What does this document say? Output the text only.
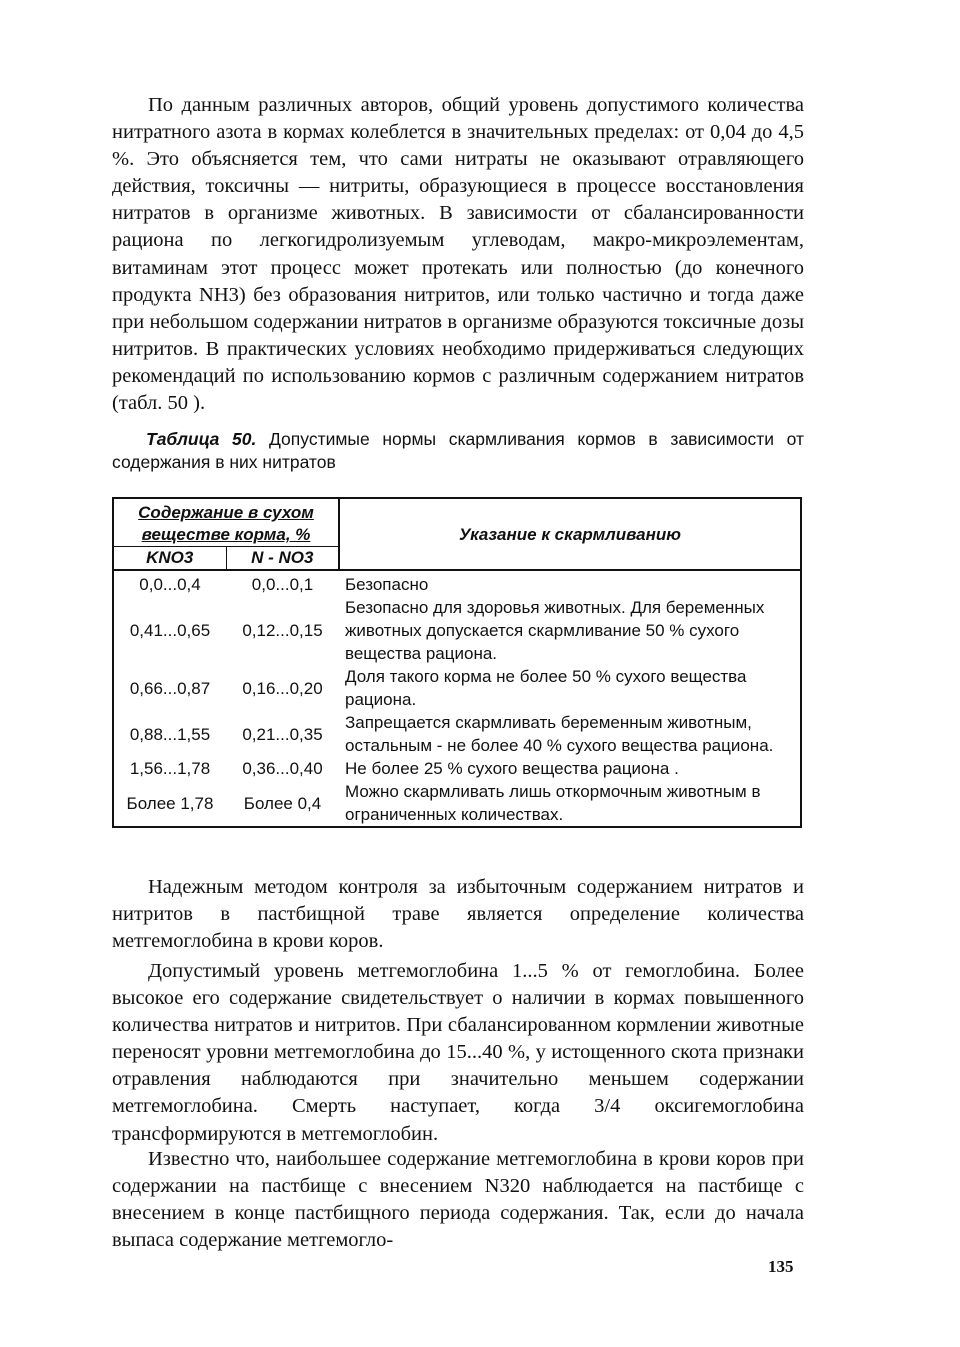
По данным различных авторов, общий уровень допустимого количества нитратного азота в кормах колеблется в значительных пределах: от 0,04 до 4,5 %. Это объясняется тем, что сами нитраты не оказывают отравляющего действия, токсичны — нитриты, образующиеся в процессе восстановления нитратов в организме животных. В зависимости от сбалансированности рациона по легкогидролизуемым углеводам, макро-микроэлементам, витаминам этот процесс может протекать или полностью (до конечного продукта NН3) без образования нитритов, или только частично и тогда даже при небольшом содержании нитратов в организме образуются токсичные дозы нитритов. В практических условиях необходимо придерживаться следующих рекомендаций по использованию кормов с различным содержанием нитратов (табл. 50 ).

Таблица 50. Допустимые нормы скармливания кормов в зависимости от содержания в них нитратов

Содержание в сухом веществе корма, %		Указание к скармливанию
KNO3	N - NO3	
0,0...0,4	0,0...0,1	Безопасно
0,41...0,65	0,12...0,15	Безопасно для здоровья животных. Для беременных животных допускается скармливание 50 % сухого вещества рациона.
0,66...0,87	0,16...0,20	Доля такого корма не более 50 % сухого вещества рациона.
0,88...1,55	0,21...0,35	Запрещается скармливать беременным животным, остальным - не более 40 % сухого вещества рациона.
1,56...1,78	0,36...0,40	Не более 25 % сухого вещества рациона .
Более 1,78	Более 0,4	Можно скармливать лишь откормочным животным в ограниченных количествах.

Надежным методом контроля за избыточным содержанием нитратов и нитритов в пастбищной траве является определение количества метгемоглобина в крови коров.

Допустимый уровень метгемоглобина 1...5 % от гемоглобина. Более высокое его содержание свидетельствует о наличии в кормах повышенного количества нитратов и нитритов. При сбалансированном кормлении животные переносят уровни метгемоглобина до 15...40 %, у истощенного скота признаки отравления наблюдаются при значительно меньшем содержании метгемоглобина. Смерть наступает, когда 3/4 оксигемоглобина трансформируются в метгемоглобин.

Известно что, наибольшее содержание метгемоглобина в крови коров при содержании на пастбище с внесением N320 наблюдается на пастбище с внесением в конце пастбищного периода содержания. Так, если до начала выпаса содержание метгемогло-

135
